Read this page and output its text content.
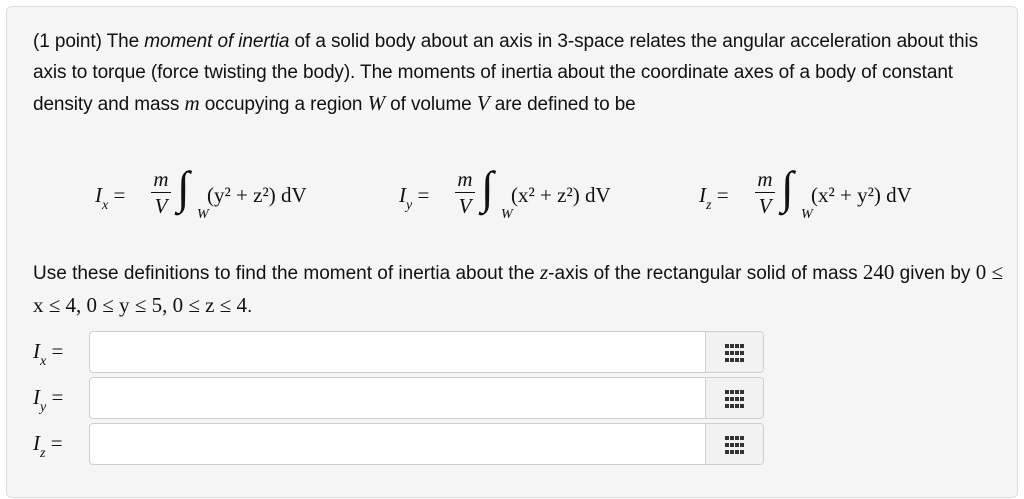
(1 point) The moment of inertia of a solid body about an axis in 3-space relates the angular acceleration about this axis to torque (force twisting the body). The moments of inertia about the coordinate axes of a body of constant density and mass m occupying a region W of volume V are defined to be
$I_x$ =
m
V ∫
W
(y² + z²) dV	$I_y$ =
m
V ∫
W
(x² + z²) dV	$I_z$ =
m
V ∫
W
(x² + y²) dV
Use these definitions to find the moment of inertia about the z-axis of the rectangular solid of mass 240 given by 0 ≤ x ≤ 4, 0 ≤ y ≤ 5, 0 ≤ z ≤ 4.
$I_x$ =
$I_y$ =
$I_z$ =
